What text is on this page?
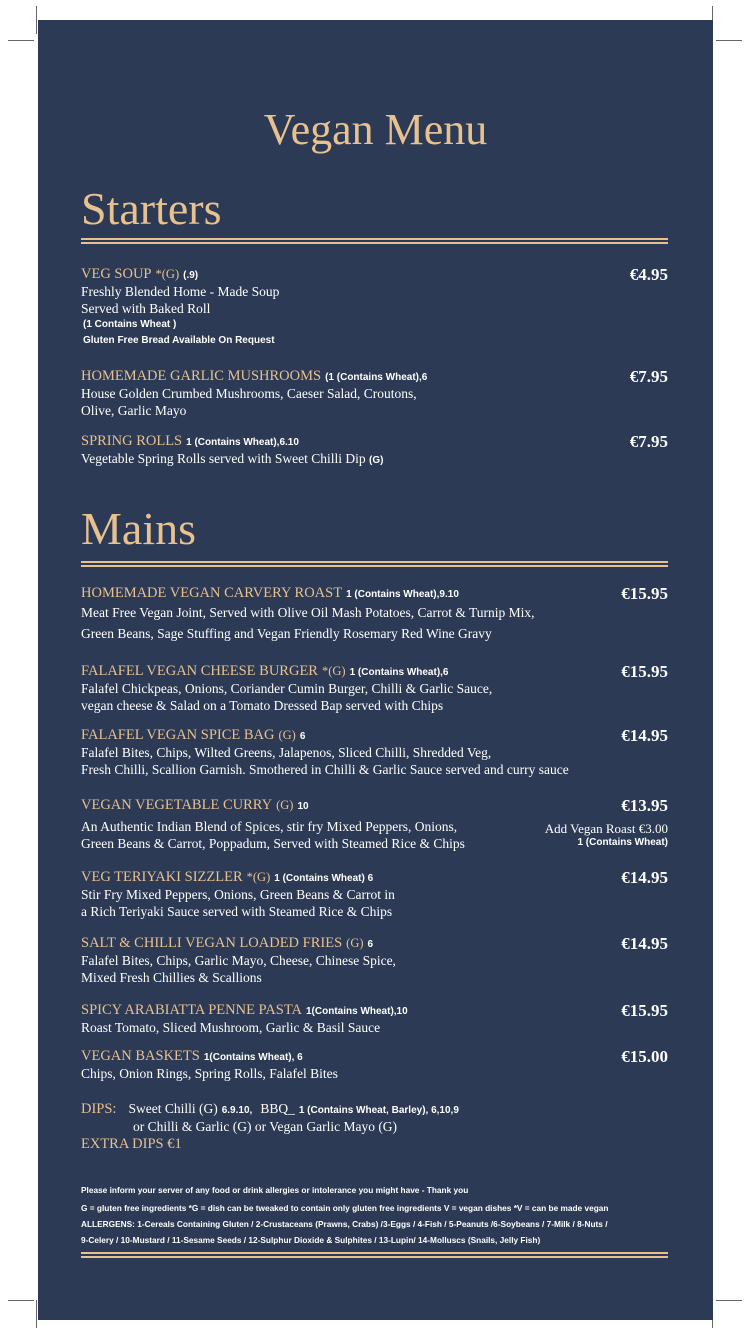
Vegan Menu
Starters
VEG SOUP *(G) (.9)	€4.95
Freshly Blended Home - Made Soup
Served with Baked Roll
(1 Contains Wheat )
Gluten Free Bread Available On Request
HOMEMADE GARLIC MUSHROOMS (1 (Contains Wheat),6	€7.95
House Golden Crumbed Mushrooms, Caeser Salad, Croutons,
Olive, Garlic Mayo
SPRING ROLLS 1 (Contains Wheat),6.10	€7.95
Vegetable Spring Rolls served with Sweet Chilli Dip (G)
Mains
HOMEMADE VEGAN CARVERY ROAST 1 (Contains Wheat),9.10	€15.95
Meat Free Vegan Joint, Served with Olive Oil Mash Potatoes, Carrot & Turnip Mix,
Green Beans, Sage Stuffing and Vegan Friendly Rosemary Red Wine Gravy
FALAFEL VEGAN CHEESE BURGER *(G) 1 (Contains Wheat),6	€15.95
Falafel Chickpeas, Onions, Coriander Cumin Burger, Chilli & Garlic Sauce,
vegan cheese & Salad on a Tomato Dressed Bap served with Chips
FALAFEL VEGAN SPICE BAG (G) 6	€14.95
Falafel Bites, Chips, Wilted Greens, Jalapenos, Sliced Chilli, Shredded Veg,
Fresh Chilli, Scallion Garnish. Smothered in Chilli & Garlic Sauce served and curry sauce
VEGAN VEGETABLE CURRY (G) 10	€13.95
An Authentic Indian Blend of Spices, stir fry Mixed Peppers, Onions,
Green Beans & Carrot, Poppadum, Served with Steamed Rice & Chips
Add Vegan Roast €3.00
1 (Contains Wheat)
VEG TERIYAKI SIZZLER *(G) 1 (Contains Wheat) 6	€14.95
Stir Fry Mixed Peppers, Onions, Green Beans & Carrot in
a Rich Teriyaki Sauce served with Steamed Rice & Chips
SALT & CHILLI VEGAN LOADED FRIES (G) 6	€14.95
Falafel Bites, Chips, Garlic Mayo, Cheese, Chinese Spice,
Mixed Fresh Chillies & Scallions
SPICY ARABIATTA PENNE PASTA 1(Contains Wheat),10	€15.95
Roast Tomato, Sliced Mushroom, Garlic & Basil Sauce
VEGAN BASKETS 1(Contains Wheat), 6	€15.00
Chips, Onion Rings, Spring Rolls, Falafel Bites
DIPS: Sweet Chilli (G) 6.9.10, BBQ_ 1 (Contains Wheat, Barley), 6,10,9
or Chilli & Garlic (G) or Vegan Garlic Mayo (G)
EXTRA DIPS €1
Please inform your server of any food or drink allergies or intolerance you might have - Thank you
G = gluten free ingredients *G = dish can be tweaked to contain only gluten free ingredients V = vegan dishes *V = can be made vegan
ALLERGENS: 1-Cereals Containing Gluten / 2-Crustaceans (Prawns, Crabs) /3-Eggs / 4-Fish / 5-Peanuts /6-Soybeans / 7-Milk / 8-Nuts /
9-Celery / 10-Mustard / 11-Sesame Seeds / 12-Sulphur Dioxide & Sulphites / 13-Lupin/ 14-Molluscs (Snails, Jelly Fish)
